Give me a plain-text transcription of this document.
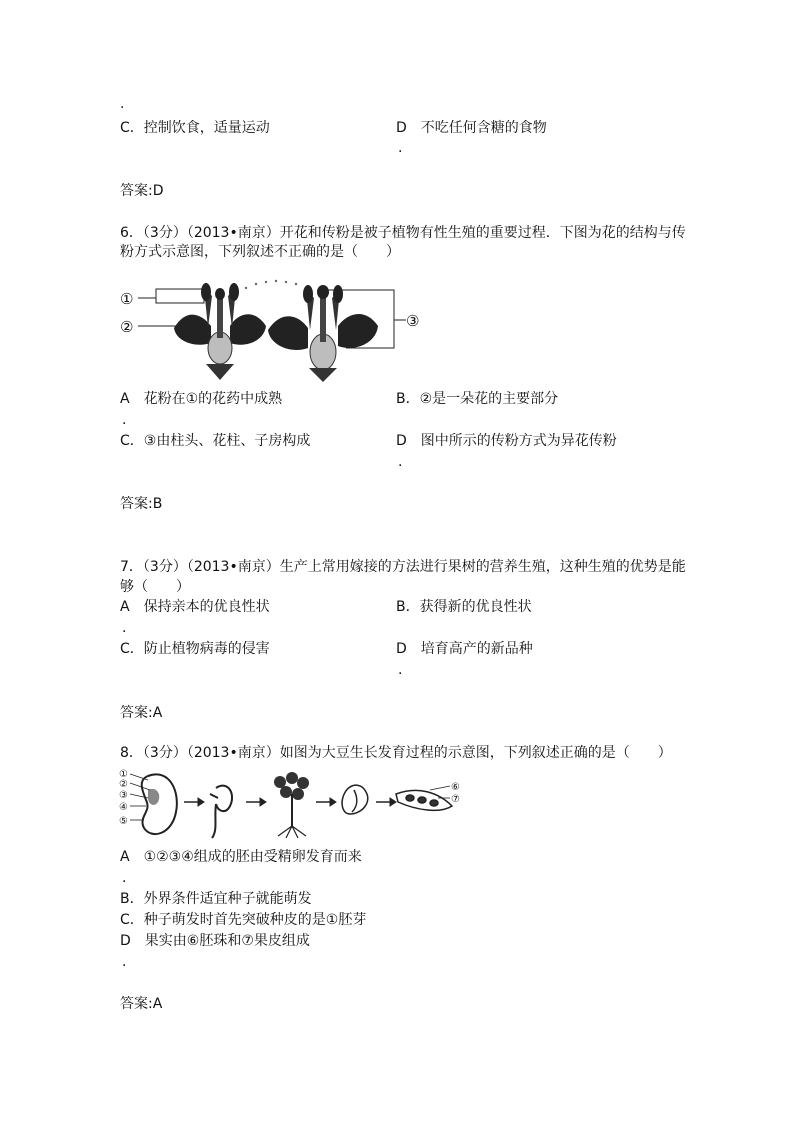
.
C．控制饮食，适量运动	D　不吃任何含糖的食物
.
答案:D
6．（3分）（2013•南京）开花和传粉是被子植物有性生殖的重要过程．下图为花的结构与传
粉方式示意图，下列叙述不正确的是（　　）
①
②	③
A　花粉在①的花药中成熟	B．②是一朵花的主要部分
.
C．③由柱头、花柱、子房构成	D　图中所示的传粉方式为异花传粉
.
答案:B
7．（3分）（2013•南京）生产上常用嫁接的方法进行果树的营养生殖，这种生殖的优势是能
够（　　）
A　保持亲本的优良性状	B．获得新的优良性状
.
C．防止植物病毒的侵害	D　培育高产的新品种
.
答案:A
8．（3分）（2013•南京）如图为大豆生长发育过程的示意图，下列叙述正确的是（　　）
①
②
③
④
⑤
⑥
⑦
A　①②③④组成的胚由受精卵发育而来
.
B．外界条件适宜种子就能萌发
C．种子萌发时首先突破种皮的是①胚芽
D　果实由⑥胚珠和⑦果皮组成
.
答案:A
